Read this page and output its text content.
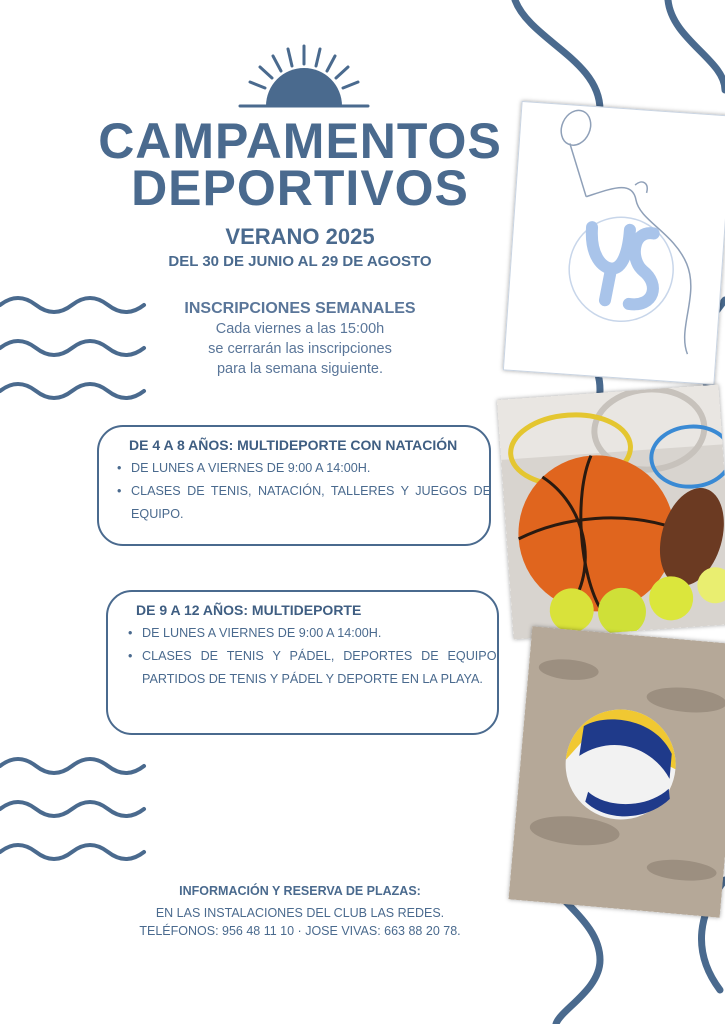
CAMPAMENTOS
DEPORTIVOS
VERANO 2025
DEL 30 DE JUNIO AL 29 DE AGOSTO
INSCRIPCIONES SEMANALES
Cada viernes a las 15:00h
se cerrarán las inscripciones
para la semana siguiente.
DE 4 A 8 AÑOS: MULTIDEPORTE CON NATACIÓN
• DE LUNES A VIERNES DE 9:00 A 14:00H.
• CLASES DE TENIS, NATACIÓN, TALLERES Y JUEGOS DE EQUIPO.
DE 9 A 12 AÑOS: MULTIDEPORTE
• DE LUNES A VIERNES DE 9:00 A 14:00H.
• CLASES DE TENIS Y PÁDEL, DEPORTES DE EQUIPO, PARTIDOS DE TENIS Y PÁDEL Y DEPORTE EN LA PLAYA.
INFORMACIÓN Y RESERVA DE PLAZAS:
EN LAS INSTALACIONES DEL CLUB LAS REDES.
TELÉFONOS: 956 48 11 10 · JOSE VIVAS: 663 88 20 78.
